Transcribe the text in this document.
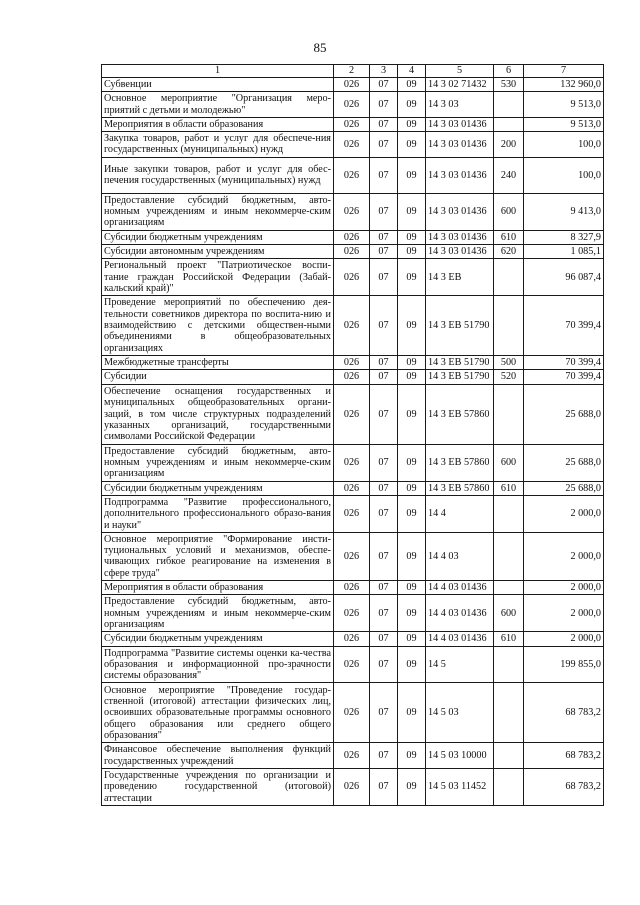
85
1	2	3	4	5	6	7
Субвенции	026	07	09	14 3 02 71432	530	132 960,0
Основное мероприятие "Организация меро-приятий с детьми и молодежью"	026	07	09	14 3 03		9 513,0
Мероприятия в области образования	026	07	09	14 3 03 01436		9 513,0
Закупка товаров, работ и услуг для обеспече-ния государственных (муниципальных) нужд	026	07	09	14 3 03 01436	200	100,0
Иные закупки товаров, работ и услуг для обес-печения государственных (муниципальных) нужд	026	07	09	14 3 03 01436	240	100,0
Предоставление субсидий бюджетным, авто-номным учреждениям и иным некоммерче-ским организациям	026	07	09	14 3 03 01436	600	9 413,0
Субсидии бюджетным учреждениям	026	07	09	14 3 03 01436	610	8 327,9
Субсидии автономным учреждениям	026	07	09	14 3 03 01436	620	1 085,1
Региональный проект "Патриотическое воспи-тание граждан Российской Федерации (Забай-кальский край)"	026	07	09	14 3 EB		96 087,4
Проведение мероприятий по обеспечению дея-тельности советников директора по воспита-нию и взаимодействию с детскими обществен-ными объединениями в общеобразовательных организациях	026	07	09	14 3 EB 51790		70 399,4
Межбюджетные трансферты	026	07	09	14 3 EB 51790	500	70 399,4
Субсидии	026	07	09	14 3 EB 51790	520	70 399,4
Обеспечение оснащения государственных и муниципальных общеобразовательных органи-заций, в том числе структурных подразделений указанных организаций, государственными символами Российской Федерации	026	07	09	14 3 EB 57860		25 688,0
Предоставление субсидий бюджетным, авто-номным учреждениям и иным некоммерче-ским организациям	026	07	09	14 3 EB 57860	600	25 688,0
Субсидии бюджетным учреждениям	026	07	09	14 3 EB 57860	610	25 688,0
Подпрограмма "Развитие профессионального, дополнительного профессионального образо-вания и науки"	026	07	09	14 4		2 000,0
Основное мероприятие "Формирование инсти-туциональных условий и механизмов, обеспе-чивающих гибкое реагирование на изменения в сфере труда"	026	07	09	14 4 03		2 000,0
Мероприятия в области образования	026	07	09	14 4 03 01436		2 000,0
Предоставление субсидий бюджетным, авто-номным учреждениям и иным некоммерче-ским организациям	026	07	09	14 4 03 01436	600	2 000,0
Субсидии бюджетным учреждениям	026	07	09	14 4 03 01436	610	2 000,0
Подпрограмма "Развитие системы оценки ка-чества образования и информационной про-зрачности системы образования"	026	07	09	14 5		199 855,0
Основное мероприятие "Проведение государ-ственной (итоговой) аттестации физических лиц, освоивших образовательные программы основного общего образования или среднего общего образования"	026	07	09	14 5 03		68 783,2
Финансовое обеспечение выполнения функций государственных учреждений	026	07	09	14 5 03 10000		68 783,2
Государственные учреждения по организации и проведению государственной (итоговой) аттестации	026	07	09	14 5 03 11452		68 783,2
